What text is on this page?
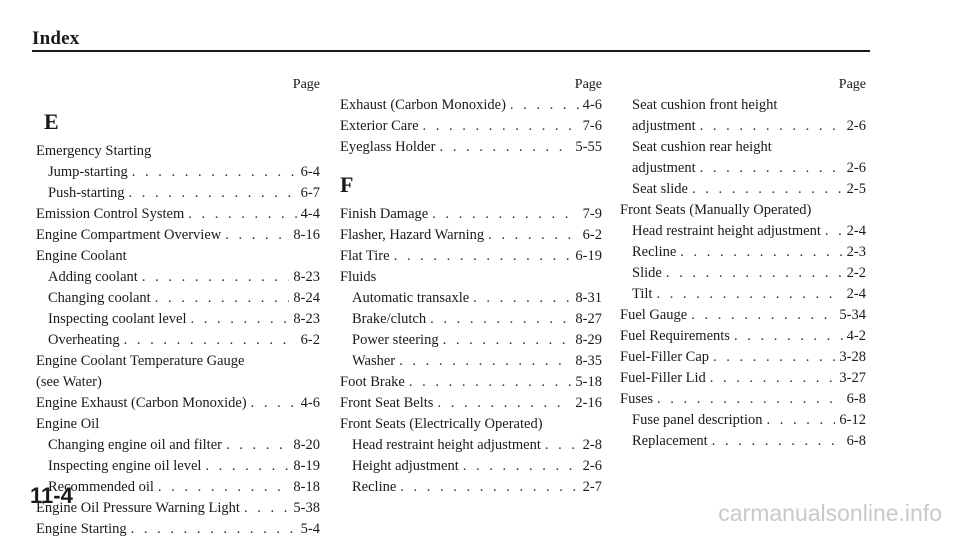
Index
Page
E
Emergency Starting
Jump-starting . . .	6-4
Push-starting . . .	6-7
Emission Control System . . .	4-4
Engine Compartment Overview . . .	8-16
Engine Coolant
Adding coolant . . .	8-23
Changing coolant . . .	8-24
Inspecting coolant level . . .	8-23
Overheating . . .	6-2
Engine Coolant Temperature Gauge
(see Water)
Engine Exhaust (Carbon Monoxide) . . .	4-6
Engine Oil
Changing engine oil and filter . . .	8-20
Inspecting engine oil level . . .	8-19
Recommended oil . . .	8-18
Engine Oil Pressure Warning Light . . .	5-38
Engine Starting . . .	5-4
Page
Exhaust (Carbon Monoxide) . . .	4-6
Exterior Care . . .	7-6
Eyeglass Holder . . .	5-55
F
Finish Damage . . .	7-9
Flasher, Hazard Warning . . .	6-2
Flat Tire . . .	6-19
Fluids
Automatic transaxle . . .	8-31
Brake/clutch . . .	8-27
Power steering . . .	8-29
Washer . . .	8-35
Foot Brake . . .	5-18
Front Seat Belts . . .	2-16
Front Seats (Electrically Operated)
Head restraint height adjustment . . .	2-8
Height adjustment . . .	2-6
Recline . . .	2-7
Page
Seat cushion front height
adjustment . . .	2-6
Seat cushion rear height
adjustment . . .	2-6
Seat slide . . .	2-5
Front Seats (Manually Operated)
Head restraint height adjustment . . . 2-4
Recline . . .	2-3
Slide . . .	2-2
Tilt . . .	2-4
Fuel Gauge . . .	5-34
Fuel Requirements . . .	4-2
Fuel-Filler Cap . . .	3-28
Fuel-Filler Lid . . .	3-27
Fuses . . .	6-8
Fuse panel description . . .	6-12
Replacement . . .	6-8
11-4
carmanualsonline.info
